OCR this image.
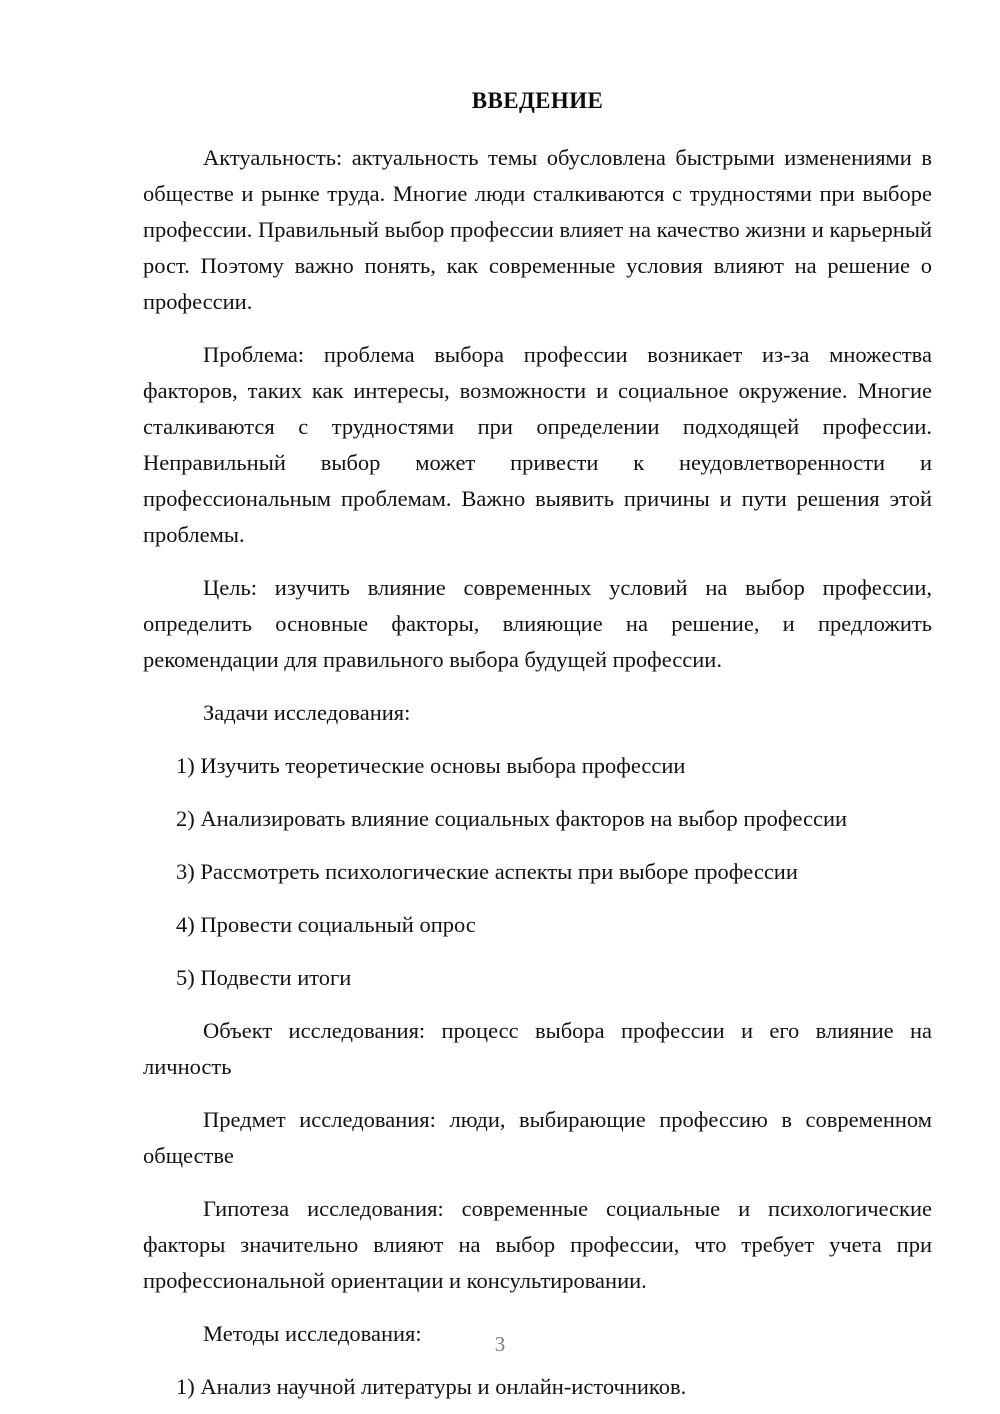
ВВЕДЕНИЕ

Актуальность: актуальность темы обусловлена быстрыми изменениями в обществе и рынке труда. Многие люди сталкиваются с трудностями при выборе профессии. Правильный выбор профессии влияет на качество жизни и карьерный рост. Поэтому важно понять, как современные условия влияют на решение о профессии.

Проблема: проблема выбора профессии возникает из-за множества факторов, таких как интересы, возможности и социальное окружение. Многие сталкиваются с трудностями при определении подходящей профессии. Неправильный выбор может привести к неудовлетворенности и профессиональным проблемам. Важно выявить причины и пути решения этой проблемы.

Цель: изучить влияние современных условий на выбор профессии, определить основные факторы, влияющие на решение, и предложить рекомендации для правильного выбора будущей профессии.

Задачи исследования:

1) Изучить теоретические основы выбора профессии

2) Анализировать влияние социальных факторов на выбор профессии

3) Рассмотреть психологические аспекты при выборе профессии

4) Провести социальный опрос

5) Подвести итоги

Объект исследования: процесс выбора профессии и его влияние на личность

Предмет исследования: люди, выбирающие профессию в современном обществе

Гипотеза исследования: современные социальные и психологические факторы значительно влияют на выбор профессии, что требует учета при профессиональной ориентации и консультировании.

Методы исследования:

1) Анализ научной литературы и онлайн-источников.

3
